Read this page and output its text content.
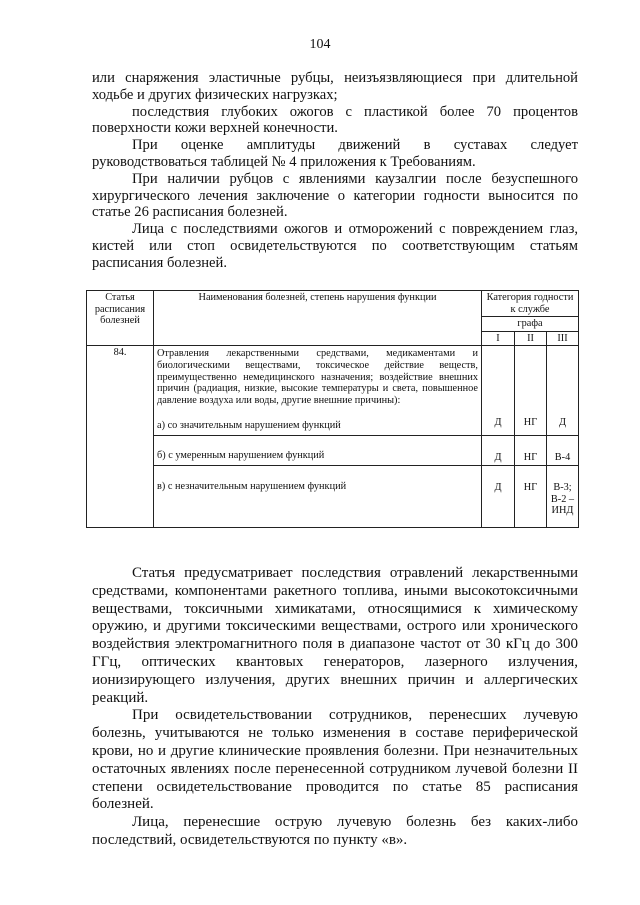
104

или снаряжения эластичные рубцы, неизъязвляющиеся при длительной ходьбе и других физических нагрузках;

последствия глубоких ожогов с пластикой более 70 процентов поверхности кожи верхней конечности.

При оценке амплитуды движений в суставах следует руководствоваться таблицей № 4 приложения к Требованиям.

При наличии рубцов с явлениями каузалгии после безуспешного хирургического лечения заключение о категории годности выносится по статье 26 расписания болезней.

Лица с последствиями ожогов и отморожений с повреждением глаз, кистей или стоп освидетельствуются по соответствующим статьям расписания болезней.

Статья расписания болезней	Наименования болезней, степень нарушения функции	Категория годности к службе		
		графа		
		I	II	III
84.	Отравления лекарственными средствами, медикаментами и биологическими веществами, токсическое действие веществ, преимущественно немедицинского назначения; воздействие внешних причин (радиация, низкие, высокие температуры и света, повышенное давление воздуха или воды, другие внешние причины):
а) со значительным нарушением функций	Д	НГ	Д

	б) с умеренным нарушением функций	Д	НГ	В-4

	в) с незначительным нарушением функций	Д	НГ	В-3; В-2 – ИНД

Статья предусматривает последствия отравлений лекарственными средствами, компонентами ракетного топлива, иными высокотоксичными веществами, токсичными химикатами, относящимися к химическому оружию, и другими токсическими веществами, острого или хронического воздействия электромагнитного поля в диапазоне частот от 30 кГц до 300 ГГц, оптических квантовых генераторов, лазерного излучения, ионизирующего излучения, других внешних причин и аллергических реакций.

При освидетельствовании сотрудников, перенесших лучевую болезнь, учитываются не только изменения в составе периферической крови, но и другие клинические проявления болезни. При незначительных остаточных явлениях после перенесенной сотрудником лучевой болезни II степени освидетельствование проводится по статье 85 расписания болезней.

Лица, перенесшие острую лучевую болезнь без каких-либо последствий, освидетельствуются по пункту «в».
